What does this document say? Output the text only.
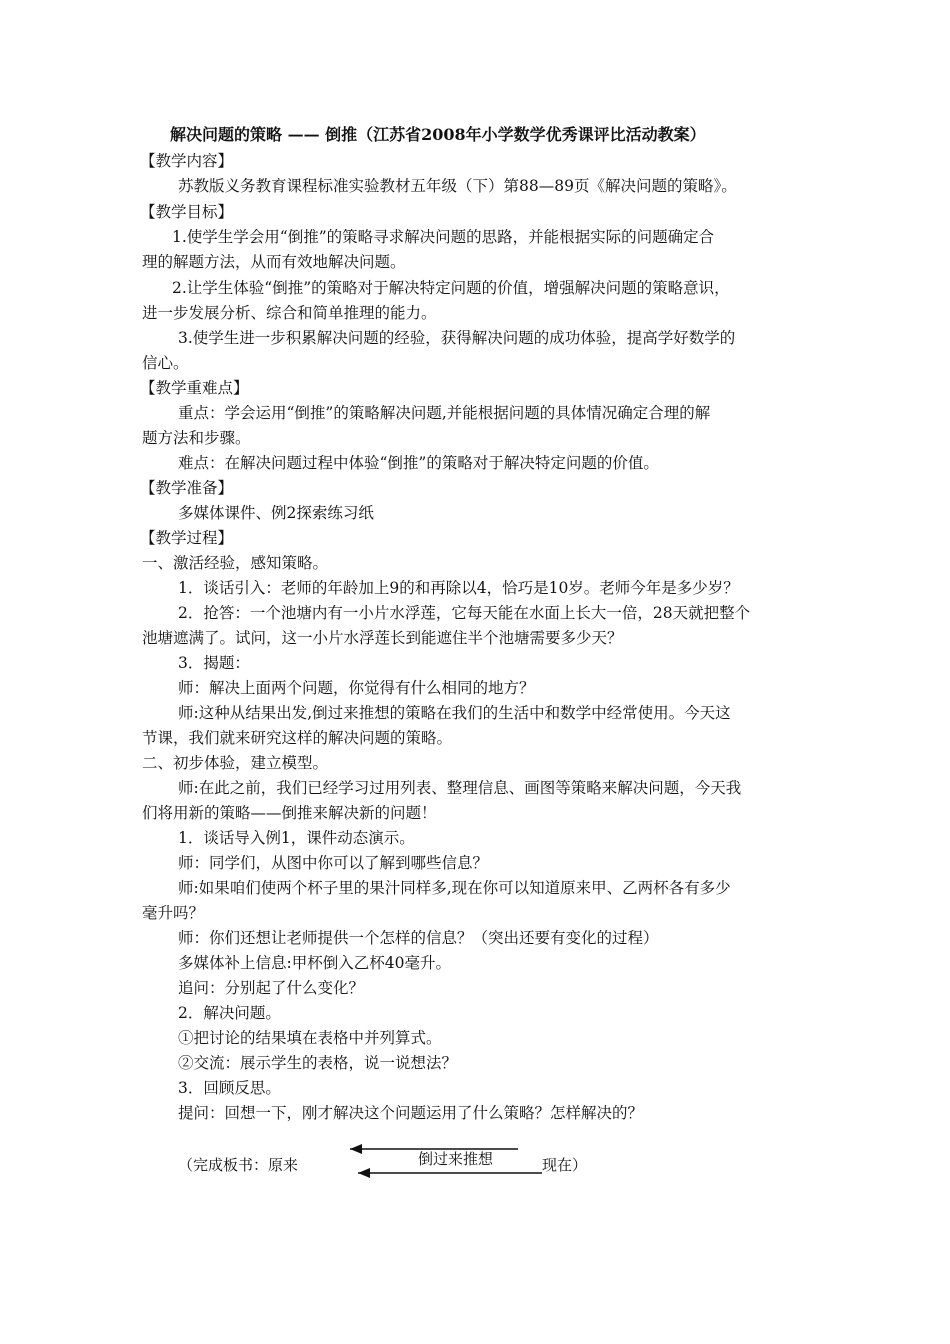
解决问题的策略 —— 倒推（江苏省2008年小学数学优秀课评比活动教案）
【教学内容】
苏教版义务教育课程标准实验教材五年级（下）第88—89页《解决问题的策略》。
【教学目标】
1.使学生学会用“倒推”的策略寻求解决问题的思路，并能根据实际的问题确定合
理的解题方法，从而有效地解决问题。
2.让学生体验“倒推”的策略对于解决特定问题的价值，增强解决问题的策略意识，
进一步发展分析、综合和简单推理的能力。
3.使学生进一步积累解决问题的经验，获得解决问题的成功体验，提高学好数学的
信心。
【教学重难点】
重点：学会运用“倒推”的策略解决问题,并能根据问题的具体情况确定合理的解
题方法和步骤。
难点：在解决问题过程中体验“倒推”的策略对于解决特定问题的价值。
【教学准备】
多媒体课件、例2探索练习纸
【教学过程】
一、激活经验，感知策略。
1．谈话引入：老师的年龄加上9的和再除以4，恰巧是10岁。老师今年是多少岁？
2．抢答：一个池塘内有一小片水浮莲，它每天能在水面上长大一倍，28天就把整个
池塘遮满了。试问，这一小片水浮莲长到能遮住半个池塘需要多少天？
3．揭题：
师：解决上面两个问题，你觉得有什么相同的地方？
师:这种从结果出发,倒过来推想的策略在我们的生活中和数学中经常使用。今天这
节课，我们就来研究这样的解决问题的策略。
二、初步体验，建立模型。
师:在此之前，我们已经学习过用列表、整理信息、画图等策略来解决问题，今天我
们将用新的策略——倒推来解决新的问题！
1．谈话导入例1，课件动态演示。
师：同学们，从图中你可以了解到哪些信息？
师:如果咱们使两个杯子里的果汁同样多,现在你可以知道原来甲、乙两杯各有多少
毫升吗？
师：你们还想让老师提供一个怎样的信息？（突出还要有变化的过程）
多媒体补上信息:甲杯倒入乙杯40毫升。
追问：分别起了什么变化？
2．解决问题。
①把讨论的结果填在表格中并列算式。
②交流：展示学生的表格，说一说想法？
3．回顾反思。
提问：回想一下，刚才解决这个问题运用了什么策略？怎样解决的？
（完成板书：原来	倒过来推想	现在）
